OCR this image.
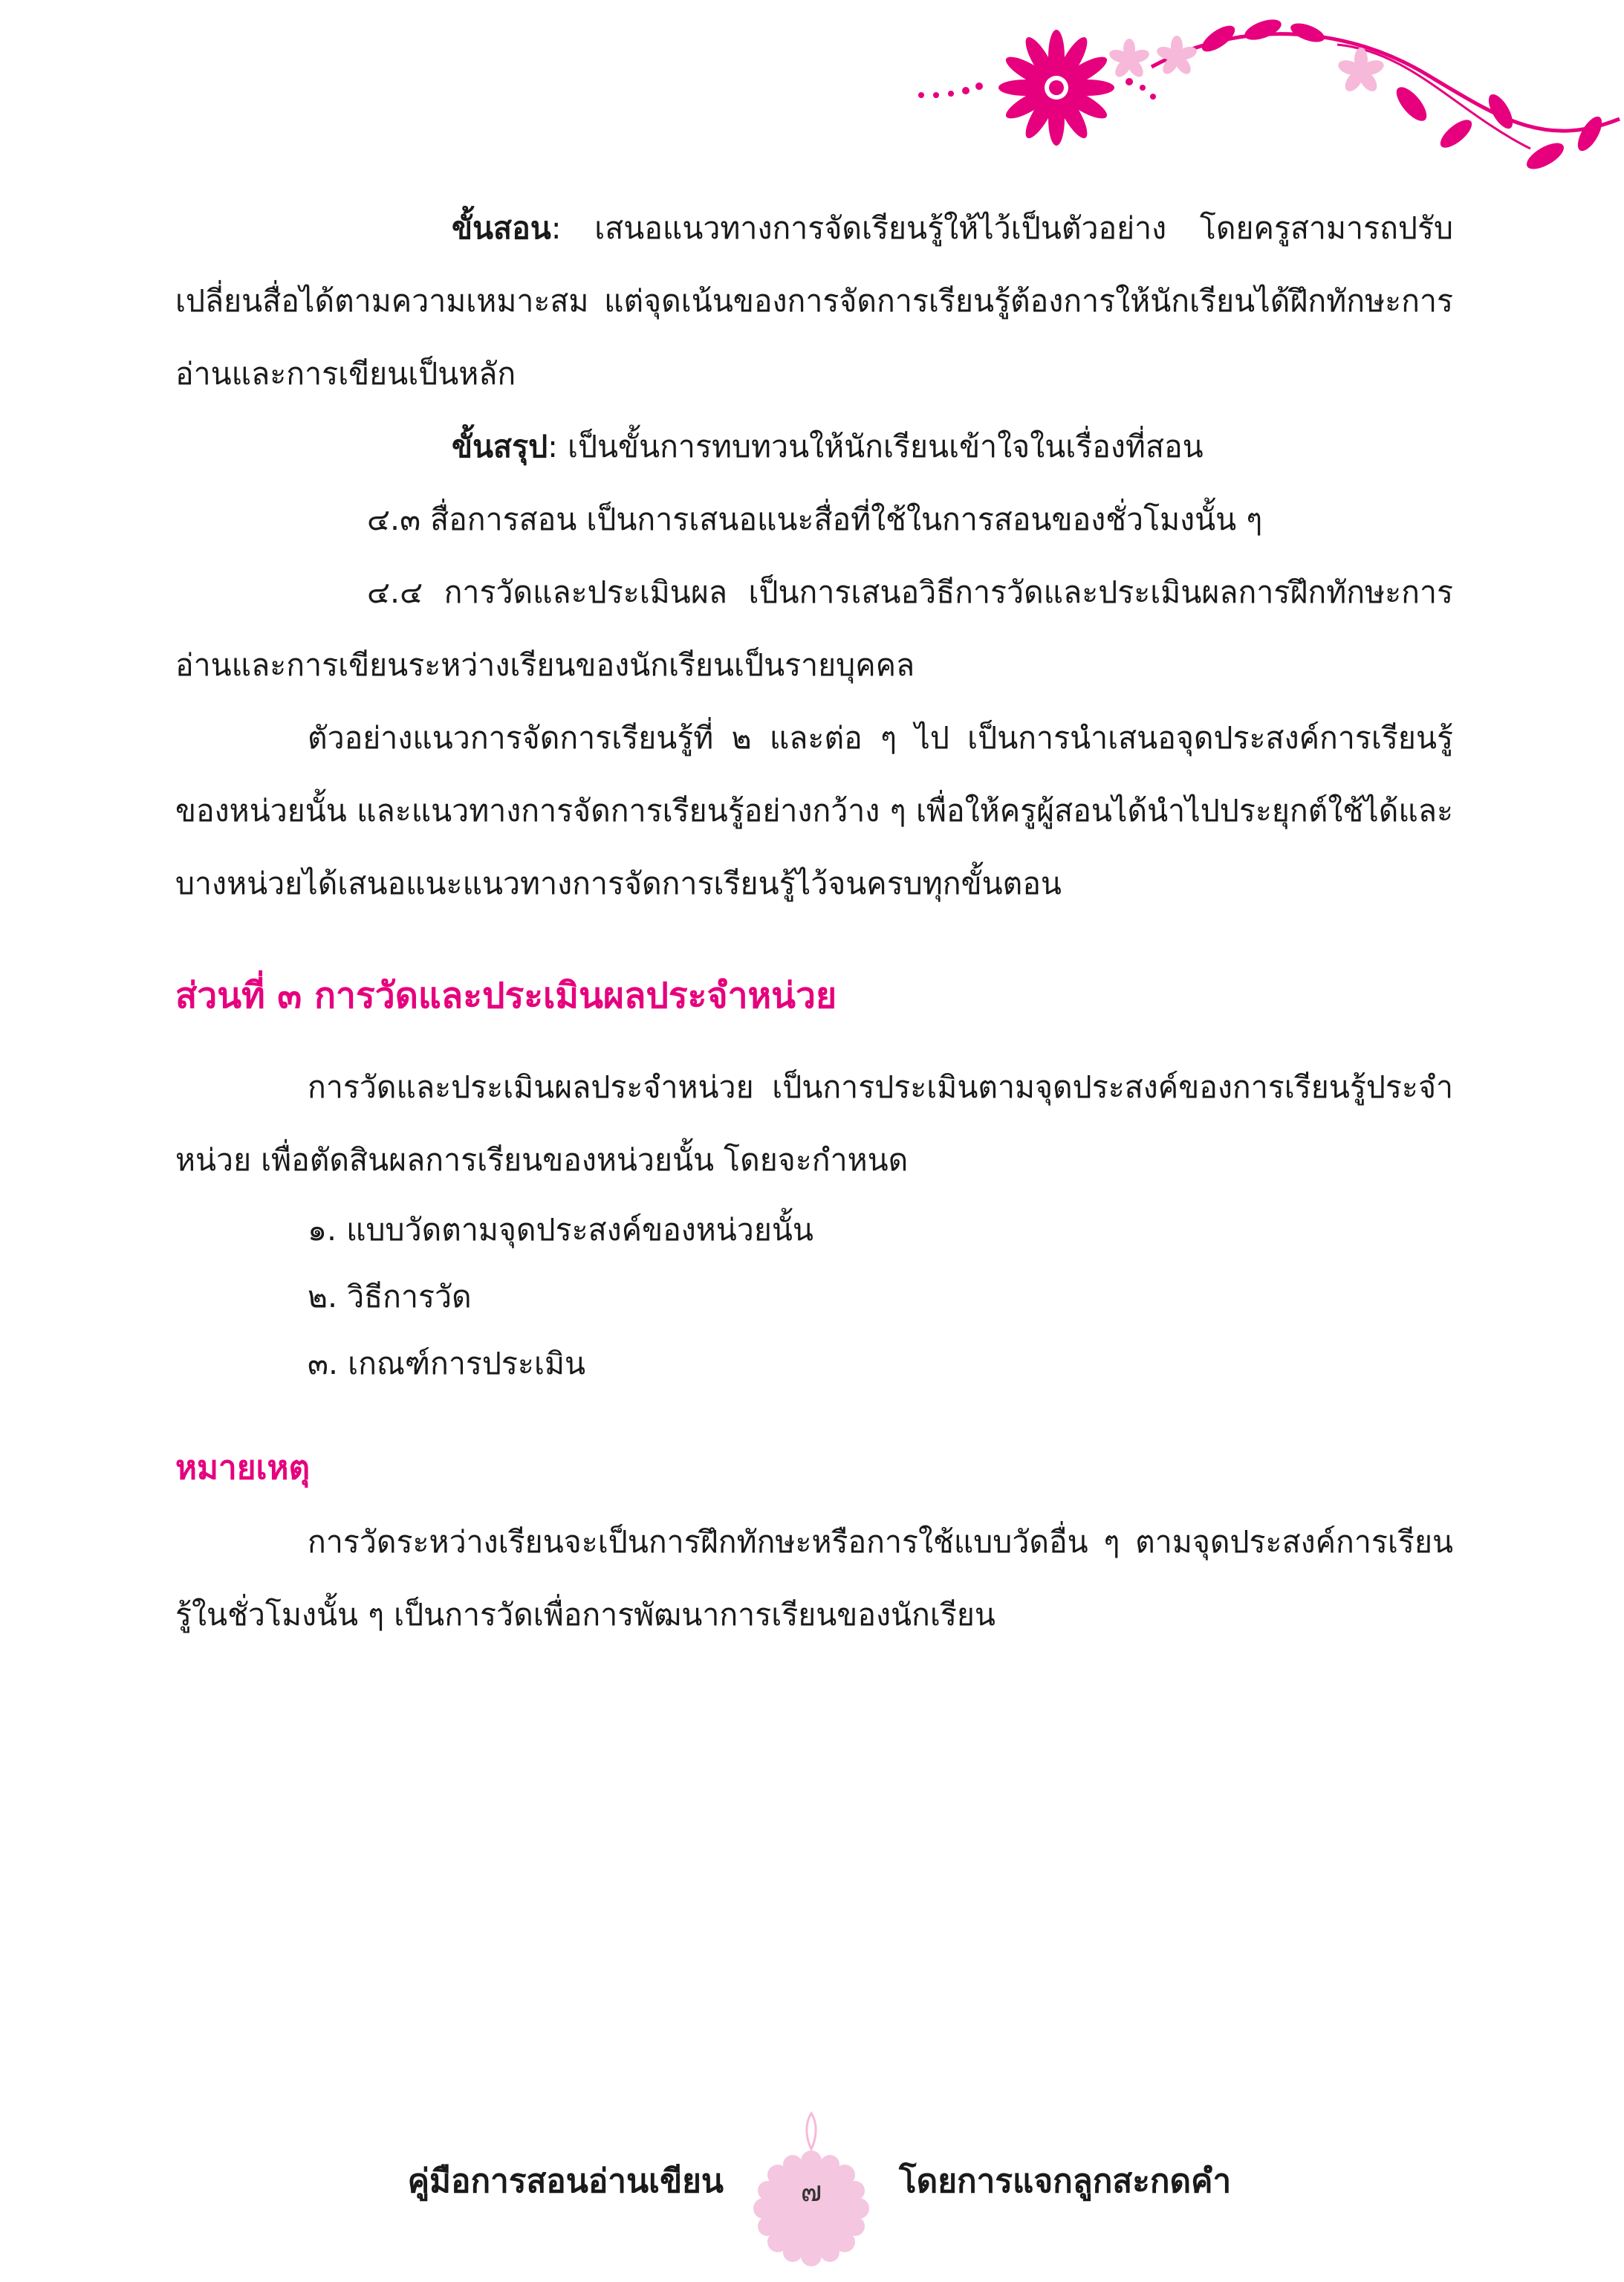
ขั้นสอน: เสนอแนวทางการจัดเรียนรู้ให้ไว้เป็นตัวอย่าง โดยครูสามารถปรับเปลี่ยนสื่อได้ตามความเหมาะสม แต่จุดเน้นของการจัดการเรียนรู้ต้องการให้นักเรียนได้ฝึกทักษะการอ่านและการเขียนเป็นหลัก

ขั้นสรุป: เป็นขั้นการทบทวนให้นักเรียนเข้าใจในเรื่องที่สอน

๔.๓ สื่อการสอน เป็นการเสนอแนะสื่อที่ใช้ในการสอนของชั่วโมงนั้น ๆ

๔.๔ การวัดและประเมินผล เป็นการเสนอวิธีการวัดและประเมินผลการฝึกทักษะการอ่านและการเขียนระหว่างเรียนของนักเรียนเป็นรายบุคคล

ตัวอย่างแนวการจัดการเรียนรู้ที่ ๒ และต่อ ๆ ไป เป็นการนำเสนอจุดประสงค์การเรียนรู้ของหน่วยนั้น และแนวทางการจัดการเรียนรู้อย่างกว้าง ๆ เพื่อให้ครูผู้สอนได้นำไปประยุกต์ใช้ได้และบางหน่วยได้เสนอแนะแนวทางการจัดการเรียนรู้ไว้จนครบทุกขั้นตอน

ส่วนที่ ๓ การวัดและประเมินผลประจำหน่วย

การวัดและประเมินผลประจำหน่วย เป็นการประเมินตามจุดประสงค์ของการเรียนรู้ประจำหน่วย เพื่อตัดสินผลการเรียนของหน่วยนั้น โดยจะกำหนด

๑. แบบวัดตามจุดประสงค์ของหน่วยนั้น

๒. วิธีการวัด

๓. เกณฑ์การประเมิน

หมายเหตุ

การวัดระหว่างเรียนจะเป็นการฝึกทักษะหรือการใช้แบบวัดอื่น ๆ ตามจุดประสงค์การเรียนรู้ในชั่วโมงนั้น ๆ เป็นการวัดเพื่อการพัฒนาการเรียนของนักเรียน

คู่มือการสอนอ่านเขียน	๗	โดยการแจกลูกสะกดคำ
